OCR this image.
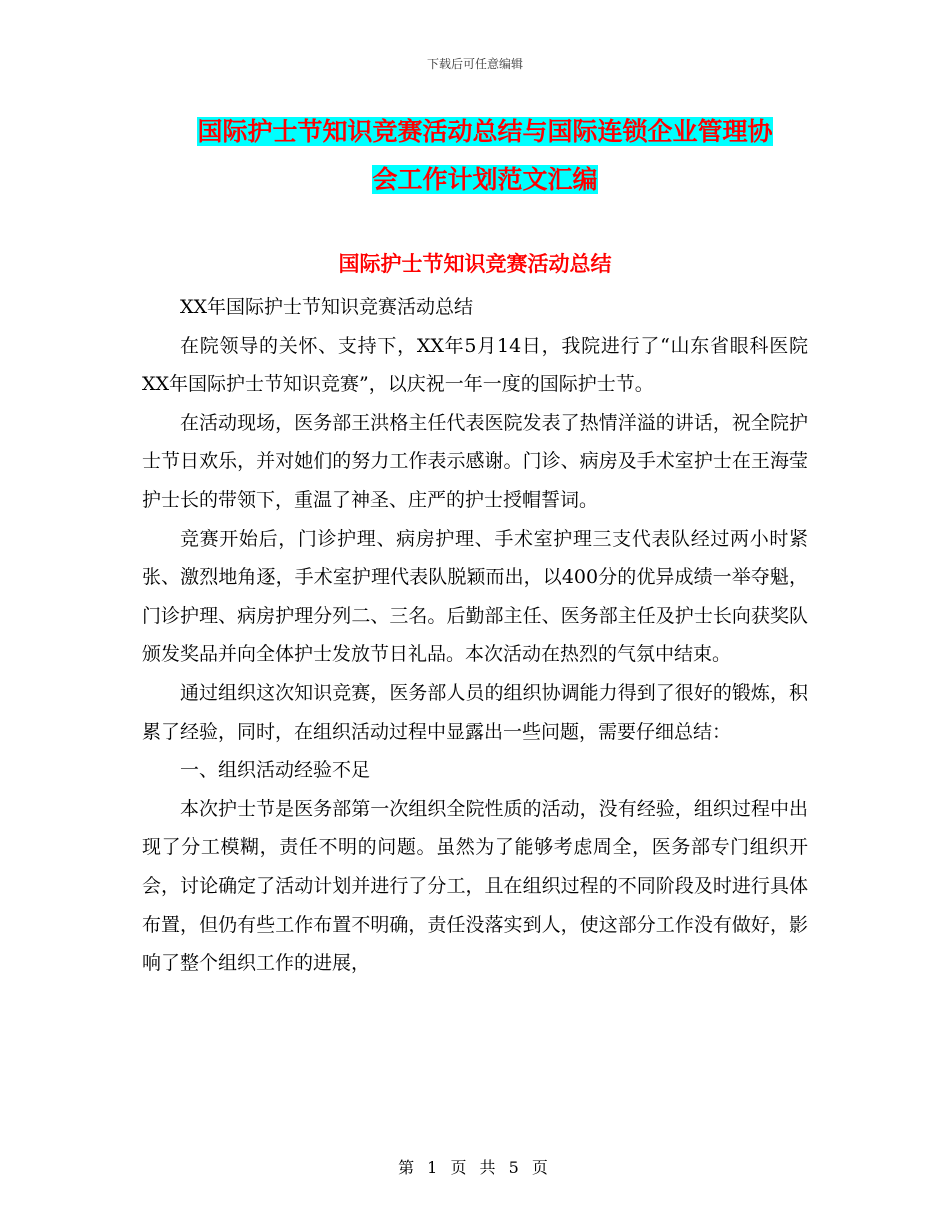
下载后可任意编辑
国际护士节知识竞赛活动总结与国际连锁企业管理协
会工作计划范文汇编
国际护士节知识竞赛活动总结

XX年国际护士节知识竞赛活动总结

在院领导的关怀、支持下，XX年5月14日，我院进行了“山东省眼科医院XX年国际护士节知识竞赛”，以庆祝一年一度的国际护士节。

在活动现场，医务部王洪格主任代表医院发表了热情洋溢的讲话，祝全院护士节日欢乐，并对她们的努力工作表示感谢。门诊、病房及手术室护士在王海莹护士长的带领下，重温了神圣、庄严的护士授帽誓词。

竞赛开始后，门诊护理、病房护理、手术室护理三支代表队经过两小时紧张、激烈地角逐，手术室护理代表队脱颖而出，以400分的优异成绩一举夺魁，门诊护理、病房护理分列二、三名。后勤部主任、医务部主任及护士长向获奖队颁发奖品并向全体护士发放节日礼品。本次活动在热烈的气氛中结束。

通过组织这次知识竞赛，医务部人员的组织协调能力得到了很好的锻炼，积累了经验，同时，在组织活动过程中显露出一些问题，需要仔细总结：

一、组织活动经验不足

本次护士节是医务部第一次组织全院性质的活动，没有经验，组织过程中出现了分工模糊，责任不明的问题。虽然为了能够考虑周全，医务部专门组织开会，讨论确定了活动计划并进行了分工，且在组织过程的不同阶段及时进行具体布置，但仍有些工作布置不明确，责任没落实到人，使这部分工作没有做好，影响了整个组织工作的进展，

第 1 页 共 5 页
